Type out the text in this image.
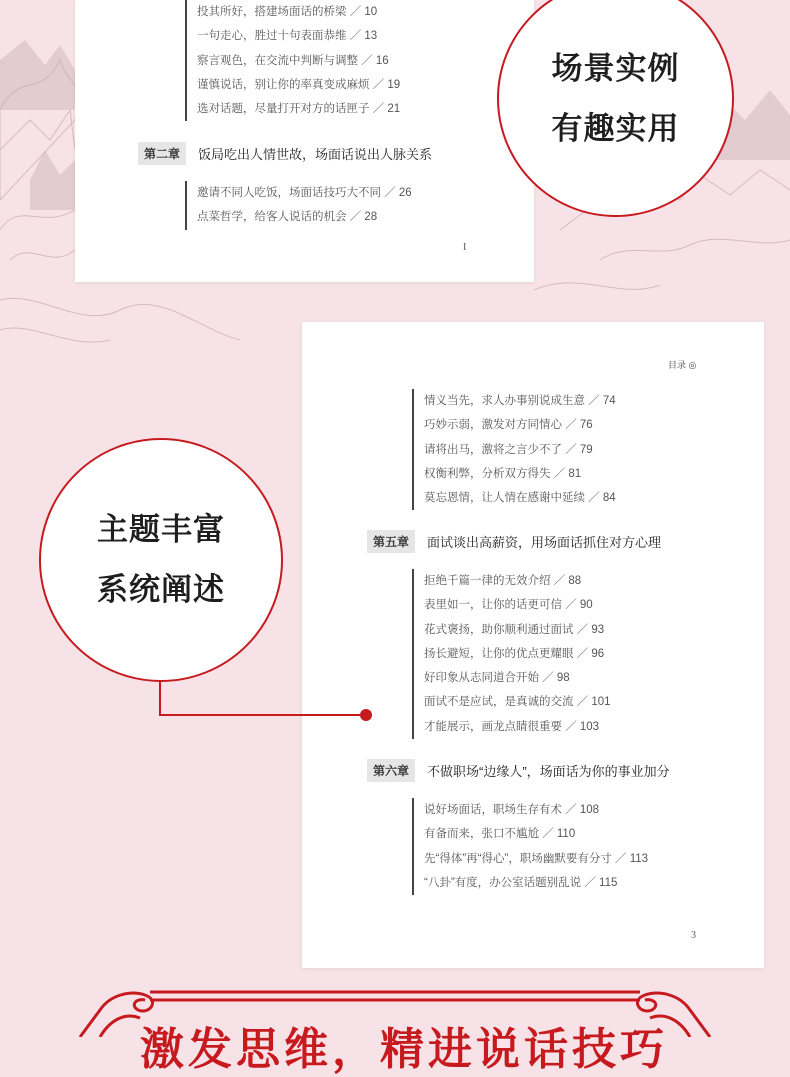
投其所好，搭建场面话的桥梁 ／ 10
一句走心，胜过十句表面恭维 ／ 13
察言观色，在交流中判断与调整 ／ 16
谨慎说话，别让你的率真变成麻烦 ／ 19
选对话题，尽量打开对方的话匣子 ／ 21
第二章	饭局吃出人情世故，场面话说出人脉关系
邀请不同人吃饭，场面话技巧大不同 ／ 26
点菜哲学，给客人说话的机会 ／ 28
I
目录 ◎
情义当先，求人办事别说成生意 ／ 74
巧妙示弱，激发对方同情心 ／ 76
请将出马，激将之言少不了 ／ 79
权衡利弊，分析双方得失 ／ 81
莫忘恩情，让人情在感谢中延续 ／ 84
第五章	面试谈出高薪资，用场面话抓住对方心理
拒绝千篇一律的无效介绍 ／ 88
表里如一，让你的话更可信 ／ 90
花式褒扬，助你顺利通过面试 ／ 93
扬长避短，让你的优点更耀眼 ／ 96
好印象从志同道合开始 ／ 98
面试不是应试，是真诚的交流 ／ 101
才能展示，画龙点睛很重要 ／ 103
第六章	不做职场“边缘人”，场面话为你的事业加分
说好场面话，职场生存有术 ／ 108
有备而来，张口不尴尬 ／ 110
先“得体”再“得心”，职场幽默要有分寸 ／ 113
“八卦”有度，办公室话题别乱说 ／ 115
3
场景实例
有趣实用
主题丰富
系统阐述
激发思维，精进说话技巧
